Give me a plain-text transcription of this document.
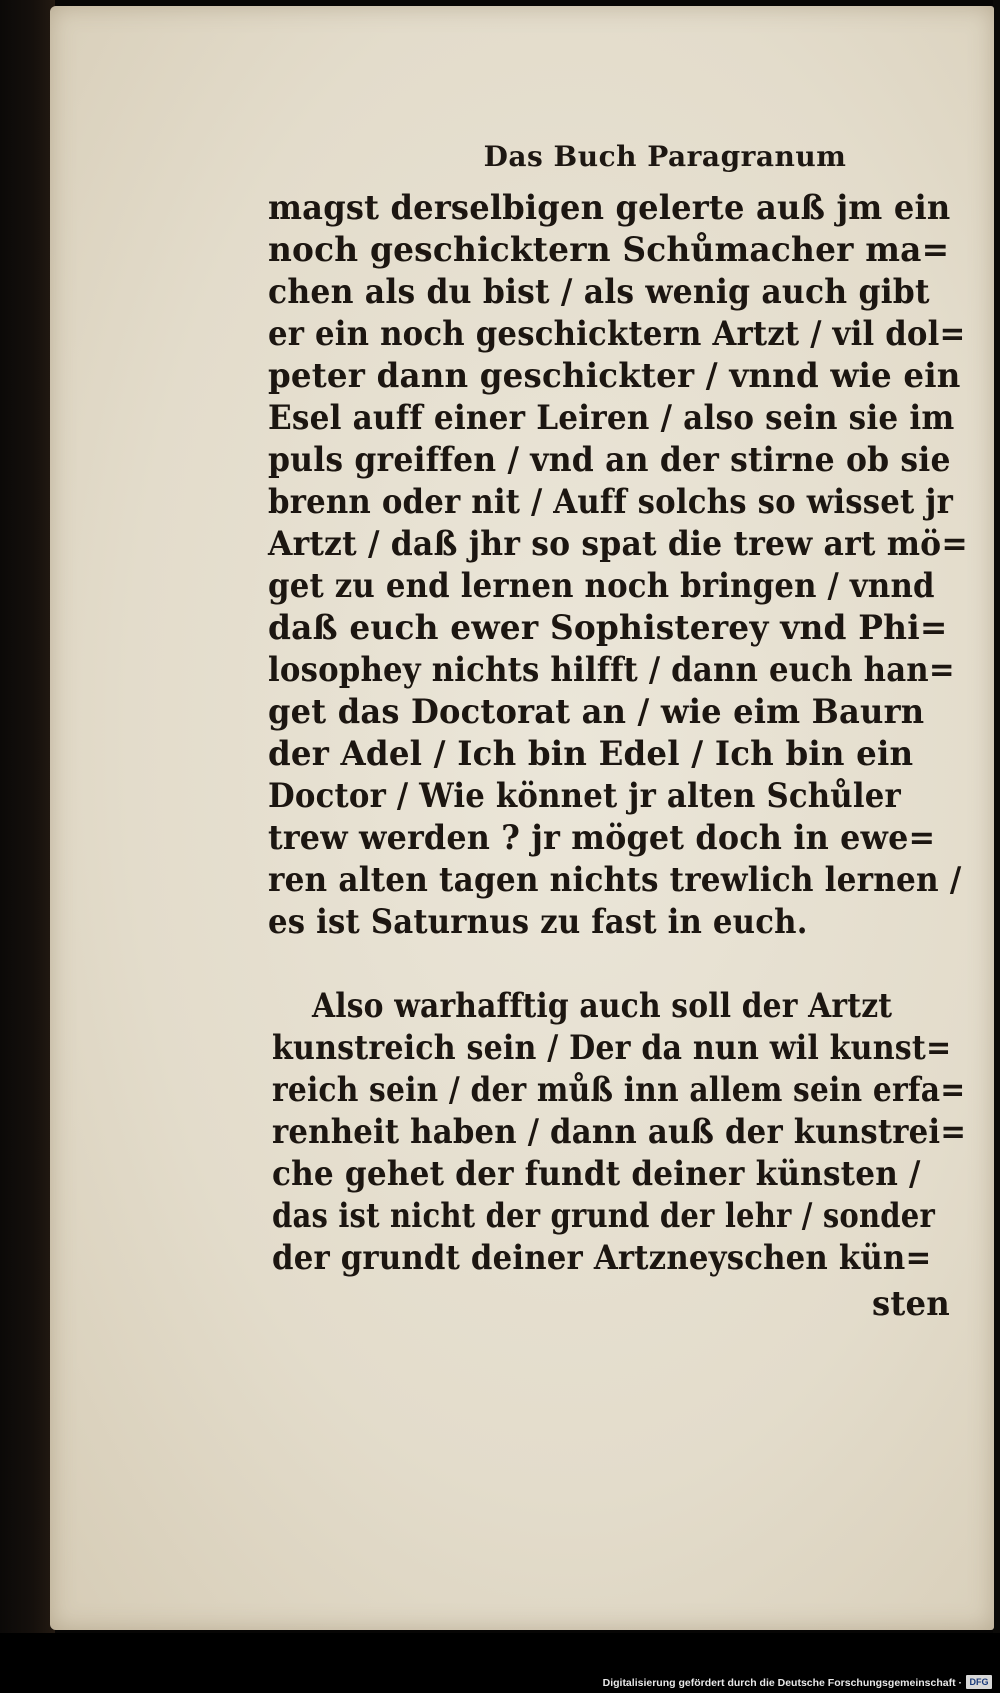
Das Buch Paragranum
magst derselbigen gelerte auß jm ein
noch geschicktern Schůmacher ma=
chen als du bist / als wenig auch gibt
er ein noch geschicktern Artzt / vil dol=
peter dann geschickter / vnnd wie ein
Esel auff einer Leiren / also sein sie im
puls greiffen / vnd an der stirne ob sie
brenn oder nit / Auff solchs so wisset jr
Artzt / daß jhr so spat die trew art mö=
get zu end lernen noch bringen / vnnd
daß euch ewer Sophisterey vnd Phi=
losophey nichts hilfft / dann euch han=
get das Doctorat an / wie eim Baurn
der Adel / Ich bin Edel / Ich bin ein
Doctor / Wie könnet jr alten Schůler
trew werden ? jr möget doch in ewe=
ren alten tagen nichts trewlich lernen /
es ist Saturnus zu fast in euch.
Also warhafftig auch soll der Artzt
kunstreich sein / Der da nun wil kunst=
reich sein / der můß inn allem sein erfa=
renheit haben / dann auß der kunstrei=
che gehet der fundt deiner künsten /
das ist nicht der grund der lehr / sonder
der grundt deiner Artzneyschen kün=
sten
Digitalisierung gefördert durch die Deutsche Forschungsgemeinschaft · DFG
